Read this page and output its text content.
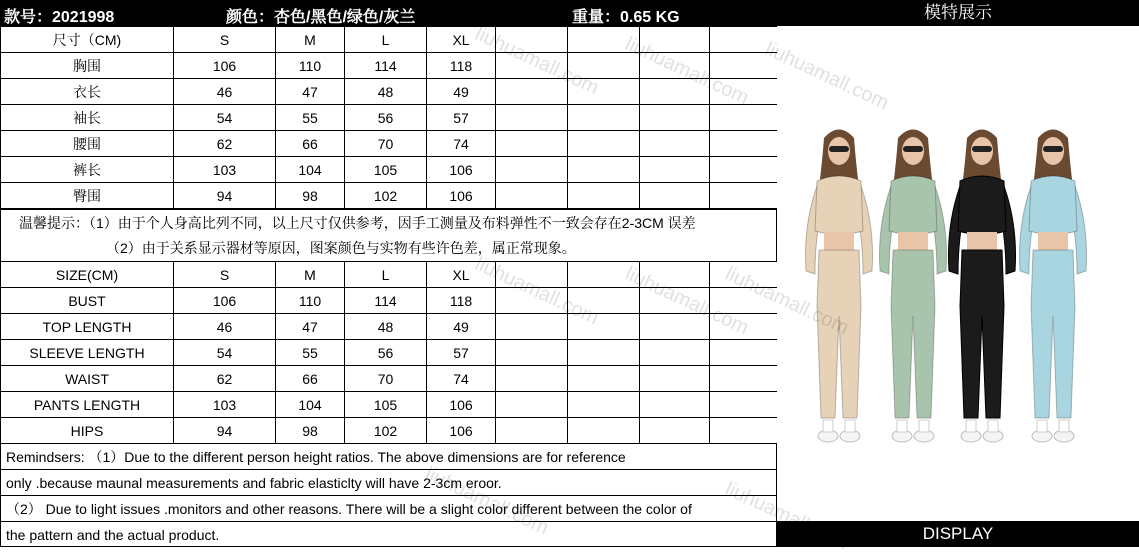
款号：2021998	颜色：杏色/黑色/绿色/灰兰	重量：0.65 KG	模特展示
尺寸（CM)	S	M	L	XL				
胸围	106	110	114	118				
衣长	46	47	48	49				
袖长	54	55	56	57				
腰围	62	66	70	74				
裤长	103	104	105	106				
臀围	94	98	102	106				
温馨提示：（1）由于个人身高比列不同，以上尺寸仅供参考，因手工测量及布料弹性不一致会存在2-3CM 误差
（2）由于关系显示器材等原因，图案颜色与实物有些许色差，属正常现象。
SIZE(CM)	S	M	L	XL				
BUST	106	110	114	118				
TOP LENGTH	46	47	48	49				
SLEEVE LENGTH	54	55	56	57				
WAIST	62	66	70	74				
PANTS LENGTH	103	104	105	106				
HIPS	94	98	102	106				
Remindsers: （1）Due to the different person height ratios. The above dimensions are for reference
only .because maunal measurements and fabric elasticlty will have 2-3cm eroor.
（2） Due to light issues .monitors and other reasons. There will be a slight color different between the color of
the pattern and the actual product.	DISPLAY
liuhuamall.com liuhuamall.com
liuhuamall.com liuhuamall.com
liuhuamall.com
